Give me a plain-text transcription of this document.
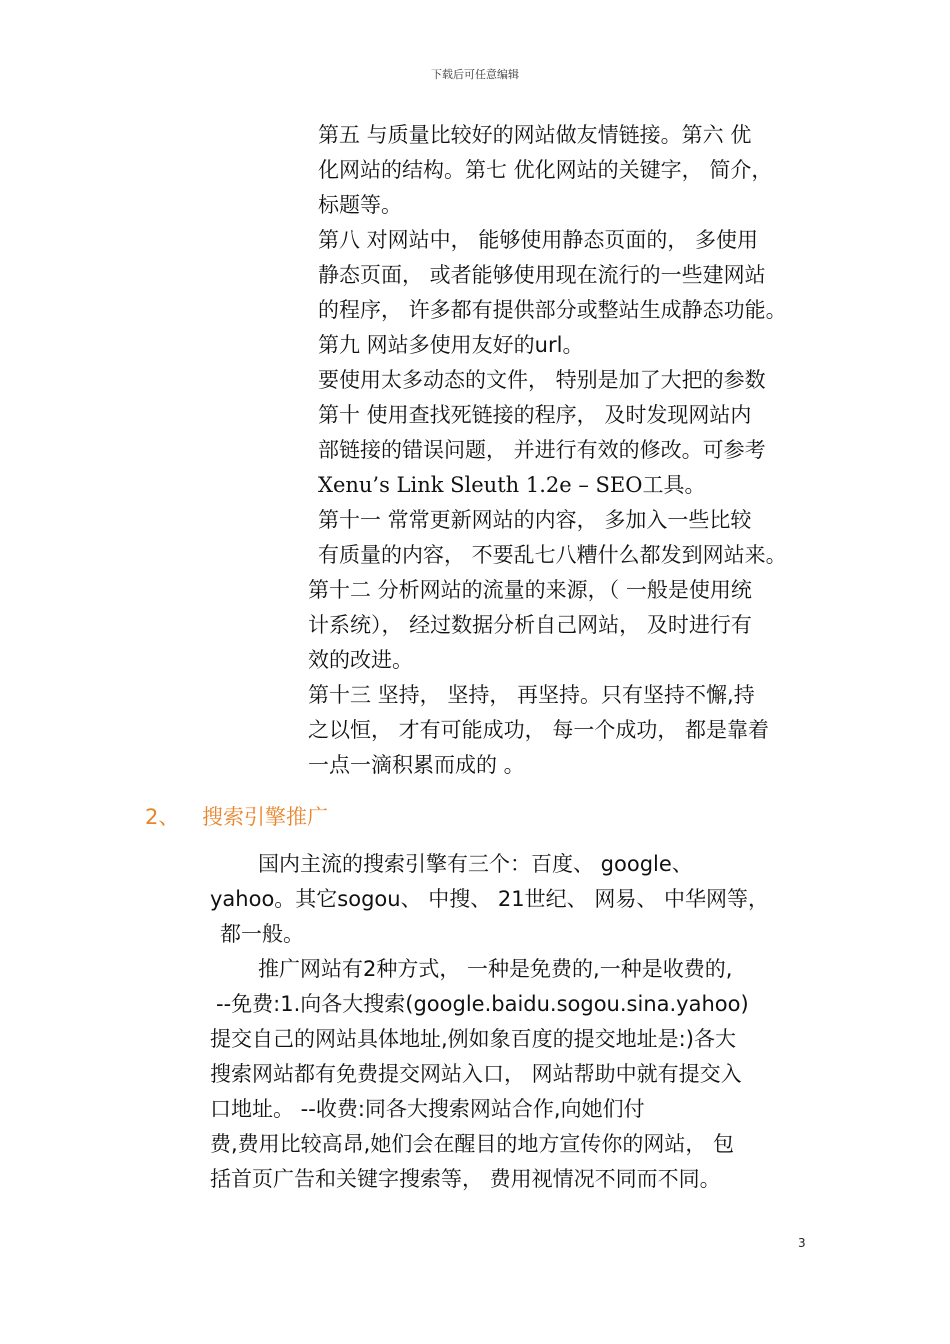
下载后可任意编辑
第五 与质量比较好的网站做友情链接。第六 优
化网站的结构。第七 优化网站的关键字， 简介，
标题等。
第八 对网站中， 能够使用静态页面的， 多使用
静态页面， 或者能够使用现在流行的一些建网站
的程序， 许多都有提供部分或整站生成静态功能。
第九 网站多使用友好的url。
要使用太多动态的文件， 特别是加了大把的参数
第十 使用查找死链接的程序， 及时发现网站内
部链接的错误问题， 并进行有效的修改。可参考
Xenu’s Link Sleuth 1.2e – SEO工具。
第十一 常常更新网站的内容， 多加入一些比较
有质量的内容， 不要乱七八糟什么都发到网站来。
第十二 分析网站的流量的来源，（ 一般是使用统
计系统）， 经过数据分析自己网站， 及时进行有
效的改进。
第十三 坚持， 坚持， 再坚持。只有坚持不懈,持
之以恒， 才有可能成功， 每一个成功， 都是靠着
一点一滴积累而成的 。
2、 搜索引擎推广
国内主流的搜索引擎有三个：百度、 google、
yahoo。其它sogou、 中搜、 21世纪、 网易、 中华网等，
都一般。
推广网站有2种方式， 一种是免费的,一种是收费的,
--免费:1.向各大搜索(google.baidu.sogou.sina.yahoo)
提交自己的网站具体地址,例如象百度的提交地址是:)各大
搜索网站都有免费提交网站入口， 网站帮助中就有提交入
口地址。 --收费:同各大搜索网站合作,向她们付
费,费用比较高昂,她们会在醒目的地方宣传你的网站， 包
括首页广告和关键字搜索等， 费用视情况不同而不同。
3
